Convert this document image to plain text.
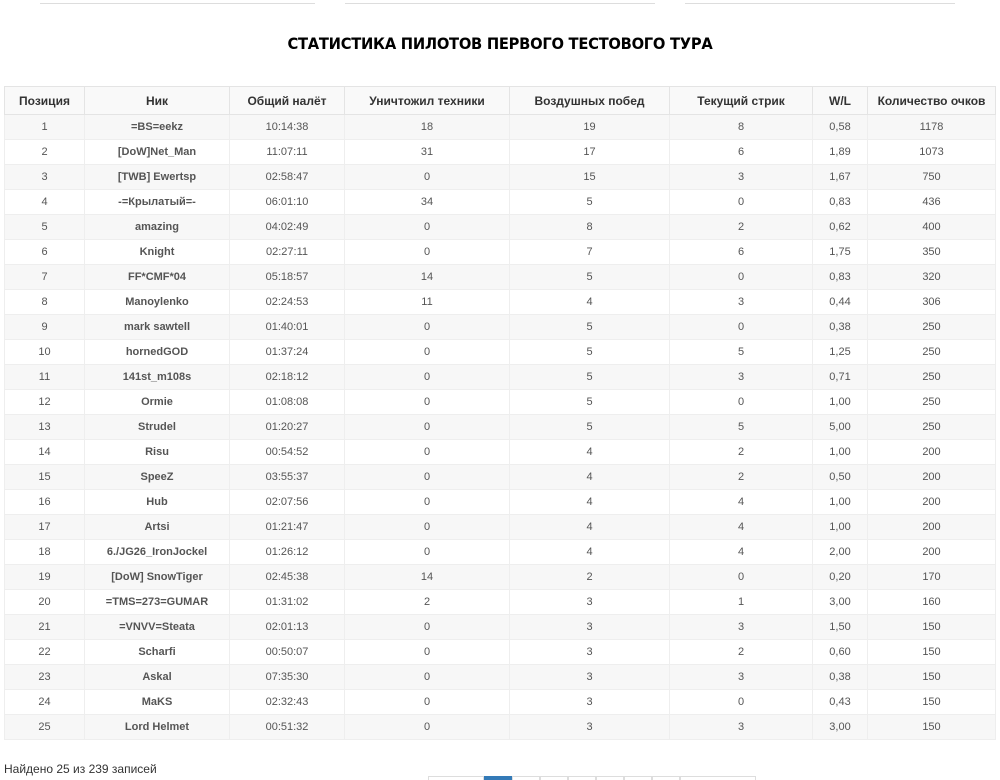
СТАТИСТИКА ПИЛОТОВ ПЕРВОГО ТЕСТОВОГО ТУРА
Позиция	Ник	Общий налёт	Уничтожил техники	Воздушных побед	Текущий стрик	W/L	Количество очков
1	=BS=eekz	10:14:38	18	19	8	0,58	1178
2	[DoW]Net_Man	11:07:11	31	17	6	1,89	1073
3	[TWB] Ewertsp	02:58:47	0	15	3	1,67	750
4	-=Крылатый=-	06:01:10	34	5	0	0,83	436
5	amazing	04:02:49	0	8	2	0,62	400
6	Knight	02:27:11	0	7	6	1,75	350
7	FF*CMF*04	05:18:57	14	5	0	0,83	320
8	Manoylenko	02:24:53	11	4	3	0,44	306
9	mark sawtell	01:40:01	0	5	0	0,38	250
10	hornedGOD	01:37:24	0	5	5	1,25	250
11	141st_m108s	02:18:12	0	5	3	0,71	250
12	Ormie	01:08:08	0	5	0	1,00	250
13	Strudel	01:20:27	0	5	5	5,00	250
14	Risu	00:54:52	0	4	2	1,00	200
15	SpeeZ	03:55:37	0	4	2	0,50	200
16	Hub	02:07:56	0	4	4	1,00	200
17	Artsi	01:21:47	0	4	4	1,00	200
18	6./JG26_IronJockel	01:26:12	0	4	4	2,00	200
19	[DoW] SnowTiger	02:45:38	14	2	0	0,20	170
20	=TMS=273=GUMAR	01:31:02	2	3	1	3,00	160
21	=VNVV=Steata	02:01:13	0	3	3	1,50	150
22	Scharfi	00:50:07	0	3	2	0,60	150
23	Askal	07:35:30	0	3	3	0,38	150
24	MaKS	02:32:43	0	3	0	0,43	150
25	Lord Helmet	00:51:32	0	3	3	3,00	150
Найдено 25 из 239 записей
